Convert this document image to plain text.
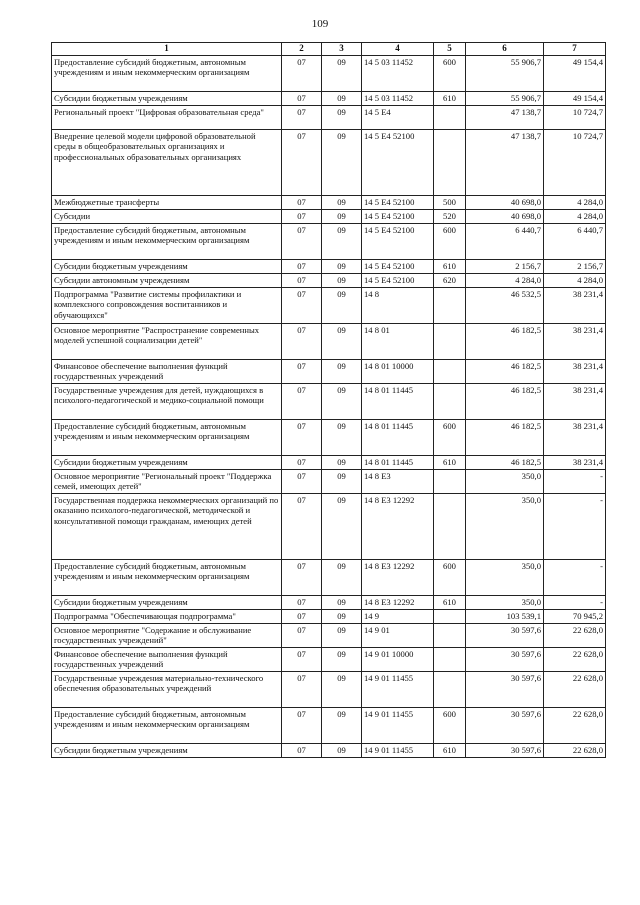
109
1	2	3	4	5	6	7
Предоставление субсидий бюджетным, автономным учреждениям и иным некоммерческим организациям	07	09	14 5 03 11452	600	55 906,7	49 154,4
Субсидии бюджетным учреждениям	07	09	14 5 03 11452	610	55 906,7	49 154,4
Региональный проект "Цифровая образовательная среда"	07	09	14 5 E4		47 138,7	10 724,7
Внедрение целевой модели цифровой образовательной среды в общеобразовательных организациях и профессиональных образовательных организациях	07	09	14 5 E4 52100		47 138,7	10 724,7
Межбюджетные трансферты	07	09	14 5 E4 52100	500	40 698,0	4 284,0
Субсидии	07	09	14 5 E4 52100	520	40 698,0	4 284,0
Предоставление субсидий бюджетным, автономным учреждениям и иным некоммерческим организациям	07	09	14 5 E4 52100	600	6 440,7	6 440,7
Субсидии бюджетным учреждениям	07	09	14 5 E4 52100	610	2 156,7	2 156,7
Субсидии автономным учреждениям	07	09	14 5 E4 52100	620	4 284,0	4 284,0
Подпрограмма "Развитие системы профилактики и комплексного сопровождения воспитанников и обучающихся"	07	09	14 8		46 532,5	38 231,4
Основное мероприятие "Распространение современных моделей успешной социализации детей"	07	09	14 8 01		46 182,5	38 231,4
Финансовое обеспечение выполнения функций государственных учреждений	07	09	14 8 01 10000		46 182,5	38 231,4
Государственные учреждения для детей, нуждающихся в психолого-педагогической и медико-социальной помощи	07	09	14 8 01 11445		46 182,5	38 231,4
Предоставление субсидий бюджетным, автономным учреждениям и иным некоммерческим организациям	07	09	14 8 01 11445	600	46 182,5	38 231,4
Субсидии бюджетным учреждениям	07	09	14 8 01 11445	610	46 182,5	38 231,4
Основное мероприятие "Региональный проект "Поддержка семей, имеющих детей"	07	09	14 8 E3		350,0	-
Государственная поддержка некоммерческих организаций по оказанию психолого-педагогической, методической и консультативной помощи гражданам, имеющих детей	07	09	14 8 E3 12292		350,0	-
Предоставление субсидий бюджетным, автономным учреждениям и иным некоммерческим организациям	07	09	14 8 E3 12292	600	350,0	-
Субсидии бюджетным учреждениям	07	09	14 8 E3 12292	610	350,0	-
Подпрограмма "Обеспечивающая подпрограмма"	07	09	14 9		103 539,1	70 945,2
Основное мероприятие "Содержание и обслуживание государственных учреждений"	07	09	14 9 01		30 597,6	22 628,0
Финансовое обеспечение выполнения функций государственных учреждений	07	09	14 9 01 10000		30 597,6	22 628,0
Государственные учреждения материально-технического обеспечения образовательных учреждений	07	09	14 9 01 11455		30 597,6	22 628,0
Предоставление субсидий бюджетным, автономным учреждениям и иным некоммерческим организациям	07	09	14 9 01 11455	600	30 597,6	22 628,0
Субсидии бюджетным учреждениям	07	09	14 9 01 11455	610	30 597,6	22 628,0
